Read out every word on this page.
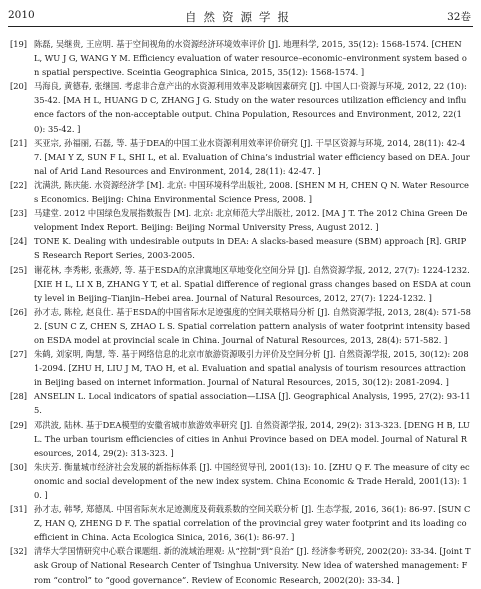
自然资源学报
2010	32卷
[19] 陈磊, 吴继贵, 王应明. 基于空间视角的水资源经济环境效率评价 [J]. 地理科学, 2015, 35(12): 1568-1574. [CHEN L, WU J G, WANG Y M. Efficiency evaluation of water resource–economic–environment system based on spatial perspective. Sceintia Geographica Sinica, 2015, 35(12): 1568-1574. ]
[20] 马海良, 黄德春, 张继国. 考虑非合意产出的水资源利用效率及影响因素研究 [J]. 中国人口·资源与环境, 2012, 22 (10): 35-42. [MA H L, HUANG D C, ZHANG J G. Study on the water resources utilization efficiency and influence factors of the non-acceptable output. China Population, Resources and Environment, 2012, 22(10): 35-42. ]
[21] 买亚宗, 孙福丽, 石磊, 等. 基于DEA的中国工业水资源利用效率评价研究 [J]. 干旱区资源与环境, 2014, 28(11): 42-47. [MAI Y Z, SUN F L, SHI L, et al. Evaluation of China’s industrial water efficiency based on DEA. Journal of Arid Land Resources and Environment, 2014, 28(11): 42-47. ]
[22] 沈满洪, 陈庆能. 水资源经济学 [M]. 北京: 中国环境科学出版社, 2008. [SHEN M H, CHEN Q N. Water Resources Economics. Beijing: China Environmental Science Press, 2008. ]
[23] 马建堂. 2012 中国绿色发展指数报告 [M]. 北京: 北京师范大学出版社, 2012. [MA J T. The 2012 China Green Development Index Report. Beijing: Beijing Normal University Press, August 2012. ]
[24] TONE K. Dealing with undesirable outputs in DEA: A slacks-based measure (SBM) approach [R]. GRIPS Research Report Series, 2003-2005.
[25] 谢花林, 李秀彬, 张燕婷, 等. 基于ESDA的京津冀地区草地变化空间分异 [J]. 自然资源学报, 2012, 27(7): 1224-1232. [XIE H L, LI X B, ZHANG Y T, et al. Spatial difference of regional grass changes based on ESDA at county level in Beijing–Tianjin–Hebei area. Journal of Natural Resources, 2012, 27(7): 1224-1232. ]
[26] 孙才志, 陈栓, 赵良仕. 基于ESDA的中国省际水足迹强度的空间关联格局分析 [J]. 自然资源学报, 2013, 28(4): 571-582. [SUN C Z, CHEN S, ZHAO L S. Spatial correlation pattern analysis of water footprint intensity based on ESDA model at provincial scale in China. Journal of Natural Resources, 2013, 28(4): 571-582. ]
[27] 朱鹤, 刘家明, 陶慧, 等. 基于网络信息的北京市旅游资源吸引力评价及空间分析 [J]. 自然资源学报, 2015, 30(12): 2081-2094. [ZHU H, LIU J M, TAO H, et al. Evaluation and spatial analysis of tourism resources attraction in Beijing based on internet information. Journal of Natural Resources, 2015, 30(12): 2081-2094. ]
[28] ANSELIN L. Local indicators of spatial association—LISA [J]. Geographical Analysis, 1995, 27(2): 93-115.
[29] 邓洪波, 陆林. 基于DEA模型的安徽省城市旅游效率研究 [J]. 自然资源学报, 2014, 29(2): 313-323. [DENG H B, LU L. The urban tourism efficiencies of cities in Anhui Province based on DEA model. Journal of Natural Resources, 2014, 29(2): 313-323. ]
[30] 朱庆芳. 衡量城市经济社会发展的新指标体系 [J]. 中国经贸导刊, 2001(13): 10. [ZHU Q F. The measure of city economic and social development of the new index system. China Economic & Trade Herald, 2001(13): 10. ]
[31] 孙才志, 韩琴, 郑德凤. 中国省际灰水足迹测度及荷载系数的空间关联分析 [J]. 生态学报, 2016, 36(1): 86-97. [SUN C Z, HAN Q, ZHENG D F. The spatial correlation of the provincial grey water footprint and its loading coefficient in China. Acta Ecologica Sinica, 2016, 36(1): 86-97. ]
[32] 清华大学国情研究中心联合课题组. 新的流域治理观: 从“控制”到“良治” [J]. 经济参考研究, 2002(20): 33-34. [Joint Task Group of National Research Center of Tsinghua University. New idea of watershed management: From “control” to “good governance”. Review of Economic Research, 2002(20): 33-34. ]
